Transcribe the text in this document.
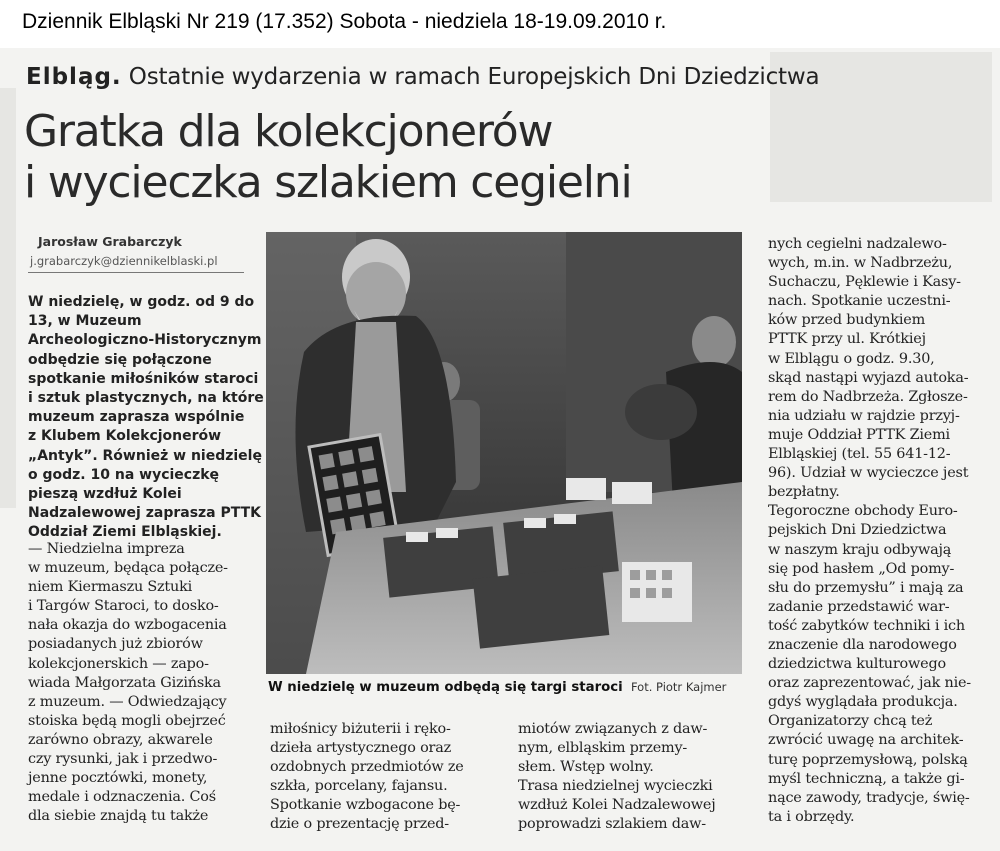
Dziennik Elbląski Nr 219 (17.352) Sobota - niedziela 18-19.09.2010 r.
Elbląg. Ostatnie wydarzenia w ramach Europejskich Dni Dziedzictwa
Gratka dla kolekcjonerów
i wycieczka szlakiem cegielni
Jarosław Grabarczyk
j.grabarczyk@dziennikelblaski.pl
W niedzielę, w godz. od 9 do
13, w Muzeum
Archeologiczno-Historycznym
odbędzie się połączone
spotkanie miłośników staroci
i sztuk plastycznych, na które
muzeum zaprasza wspólnie
z Klubem Kolekcjonerów
„Antyk”. Również w niedzielę
o godz. 10 na wycieczkę
pieszą wzdłuż Kolei
Nadzalewowej zaprasza PTTK
Oddział Ziemi Elbląskiej.
— Niedzielna impreza
w muzeum, będąca połącze-
niem Kiermaszu Sztuki
i Targów Staroci, to dosko-
nała okazja do wzbogacenia
posiadanych już zbiorów
kolekcjonerskich — zapo-
wiada Małgorzata Gizińska
z muzeum. — Odwiedzający
stoiska będą mogli obejrzeć
zarówno obrazy, akwarele
czy rysunki, jak i przedwo-
jenne pocztówki, monety,
medale i odznaczenia. Coś
dla siebie znajdą tu także
W niedzielę w muzeum odbędą się targi staroci Fot. Piotr Kajmer
miłośnicy biżuterii i ręko-
dzieła artystycznego oraz
ozdobnych przedmiotów ze
szkła, porcelany, fajansu.
Spotkanie wzbogacone bę-
dzie o prezentację przed-
miotów związanych z daw-
nym, elbląskim przemy-
słem. Wstęp wolny.
Trasa niedzielnej wycieczki
wzdłuż Kolei Nadzalewowej
poprowadzi szlakiem daw-
nych cegielni nadzalewo-
wych, m.in. w Nadbrzeżu,
Suchaczu, Pęklewie i Kasy-
nach. Spotkanie uczestni-
ków przed budynkiem
PTTK przy ul. Krótkiej
w Elblągu o godz. 9.30,
skąd nastąpi wyjazd autoka-
rem do Nadbrzeża. Zgłosze-
nia udziału w rajdzie przyj-
muje Oddział PTTK Ziemi
Elbląskiej (tel. 55 641-12-
96). Udział w wycieczce jest
bezpłatny.
Tegoroczne obchody Euro-
pejskich Dni Dziedzictwa
w naszym kraju odbywają
się pod hasłem „Od pomy-
słu do przemysłu” i mają za
zadanie przedstawić war-
tość zabytków techniki i ich
znaczenie dla narodowego
dziedzictwa kulturowego
oraz zaprezentować, jak nie-
gdyś wyglądała produkcja.
Organizatorzy chcą też
zwrócić uwagę na architek-
turę poprzemysłową, polską
myśl techniczną, a także gi-
nące zawody, tradycje, świę-
ta i obrzędy.
